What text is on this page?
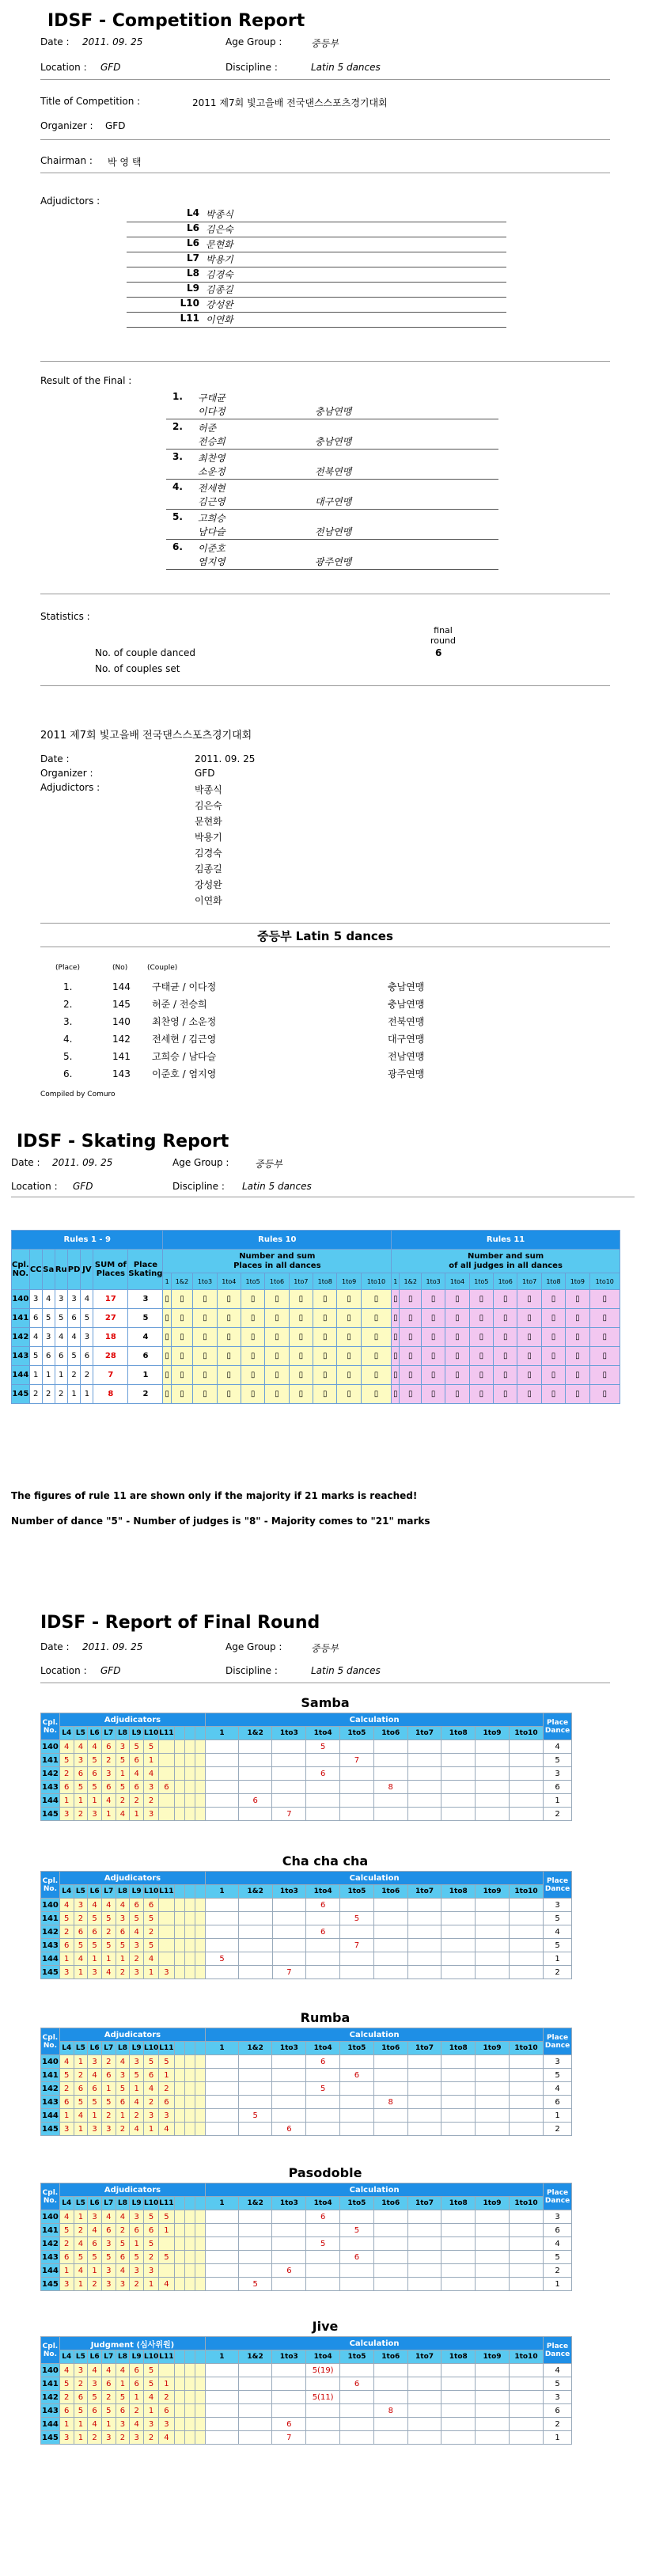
IDSF - Competition Report
Date : 2011. 09. 25	Age Group :	중등부
Location : GFD	Discipline :	Latin 5 dances
Title of Competition :	2011 제7회 빛고을배 전국댄스스포츠경기대회
Organizer : GFD
Chairman : 박 영 택
Adjudictors :
L4 박종식
L6 김은숙
L6 문현화
L7 박용기
L8 김경숙
L9 김종길
L10 강성완
L11 이연화
Result of the Final :
1. 구태균
이다정	충남연맹
2. 허준
전승희	충남연맹
3. 최찬영
소운정	전북연맹
4. 전세현
김근영	대구연맹
5. 고희승
남다슬	전남연맹
6. 이준호
염지영	광주연맹
Statistics :
final round
No. of couple danced	6
No. of couples set
2011 제7회 빛고을배 전국댄스스포츠경기대회
Date :	2011. 09. 25
Organizer :	GFD
Adjudictors :	박종식
김은숙
문현화
박용기
김경숙
김종길
강성완
이연화
중등부 Latin 5 dances
(Place)	(No)	(Couple)
1.	144 구태균 / 이다정	충남연맹
2.	145 허준 / 전승희	충남연맹
3.	140 최찬영 / 소운정	전북연맹
4.	142 전세현 / 김근영	대구연맹
5.	141 고희승 / 남다슬	전남연맹
6.	143 이준호 / 염지영	광주연맹
Compiled by Comuro
IDSF - Skating Report
Date : 2011. 09. 25	Age Group :	중등부
Location : GFD	Discipline : Latin 5 dances
Rules 1 - 9								Rules 10										Rules 11									
Cpl. NO.	CC	Sa	Ru	PD	JV	SUM of Places	Place Skating	Number and sum
Places in all dances										Number and sum
of all judges in all dances									
								1	1&2	1to3	1to4	1to5	1to6	1to7	1to8	1to9	1to10	1	1&2	1to3	1to4	1to5	1to6	1to7	1to8	1to9	1to10
140	3	4	3	3	4	17	3	▯	▯	▯	▯	▯	▯	▯	▯	▯	▯	▯	▯	▯	▯	▯	▯	▯	▯	▯	▯
141	6	5	5	6	5	27	5	▯	▯	▯	▯	▯	▯	▯	▯	▯	▯	▯	▯	▯	▯	▯	▯	▯	▯	▯	▯
142	4	3	4	4	3	18	4	▯	▯	▯	▯	▯	▯	▯	▯	▯	▯	▯	▯	▯	▯	▯	▯	▯	▯	▯	▯
143	5	6	6	5	6	28	6	▯	▯	▯	▯	▯	▯	▯	▯	▯	▯	▯	▯	▯	▯	▯	▯	▯	▯	▯	▯
144	1	1	1	2	2	7	1	▯	▯	▯	▯	▯	▯	▯	▯	▯	▯	▯	▯	▯	▯	▯	▯	▯	▯	▯	▯
145	2	2	2	1	1	8	2	▯	▯	▯	▯	▯	▯	▯	▯	▯	▯	▯	▯	▯	▯	▯	▯	▯	▯	▯	▯
The figures of rule 11 are shown only if the majority if 21 marks is reached!
Number of dance "5" - Number of judges is "8" - Majority comes to "21" marks
IDSF - Report of Final Round
Date : 2011. 09. 25	Age Group :	중등부
Location : GFD	Discipline :	Latin 5 dances
Samba
Cpl. No.	Adjudicators											Calculation										Place Dance
	L4	L5	L6	L7	L8	L9	L10	L11				1	1&2	1to3	1to4	1to5	1to6	1to7	1to8	1to9	1to10	
140	4	4	4	6	3	5	5								5							4
141	5	3	5	2	5	6	1									7						5
142	2	6	6	3	1	4	4								6							3
143	6	5	5	6	5	6	3	6									8					6
144	1	1	1	4	2	2	2						6									1
145	3	2	3	1	4	1	3							7								2
Cha cha cha
Cpl. No.	Adjudicators											Calculation										Place Dance
	L4	L5	L6	L7	L8	L9	L10	L11				1	1&2	1to3	1to4	1to5	1to6	1to7	1to8	1to9	1to10	
140	4	3	4	4	4	6	6								6							3
141	5	2	5	5	3	5	5									5						5
142	2	6	6	2	6	4	2								6							4
143	6	5	5	5	5	3	5									7						5
144	1	4	1	1	1	2	4					5										1
145	3	1	3	4	2	3	1	3						7								2
Rumba
Cpl. No.	Adjudicators											Calculation										Place Dance
	L4	L5	L6	L7	L8	L9	L10	L11				1	1&2	1to3	1to4	1to5	1to6	1to7	1to8	1to9	1to10	
140	4	1	3	2	4	3	5	5							6							3
141	5	2	4	6	3	5	6	1								6						5
142	2	6	6	1	5	1	4	2							5							4
143	6	5	5	5	6	4	2	6									8					6
144	1	4	1	2	1	2	3	3					5									1
145	3	1	3	3	2	4	1	4						6								2
Pasodoble
Cpl. No.	Adjudicators											Calculation										Place Dance
	L4	L5	L6	L7	L8	L9	L10	L11				1	1&2	1to3	1to4	1to5	1to6	1to7	1to8	1to9	1to10	
140	4	1	3	4	4	3	5	5							6							3
141	5	2	4	6	2	6	6	1								5						6
142	2	4	6	3	5	1	5								5							4
143	6	5	5	5	6	5	2	5								6						5
144	1	4	1	3	4	3	3							6								2
145	3	1	2	3	3	2	1	4					5									1
Jive
Cpl. No.	Judgment (심사위원)											Calculation										Place Dance
	L4	L5	L6	L7	L8	L9	L10	L11				1	1&2	1to3	1to4	1to5	1to6	1to7	1to8	1to9	1to10	
140	4	3	4	4	4	6	5								5(19)							4
141	5	2	3	6	1	6	5	1								6						5
142	2	6	5	2	5	1	4	2							5(11)							3
143	6	5	6	5	6	2	1	6									8					6
144	1	1	4	1	3	4	3	3						6								2
145	3	1	2	3	2	3	2	4						7								1
